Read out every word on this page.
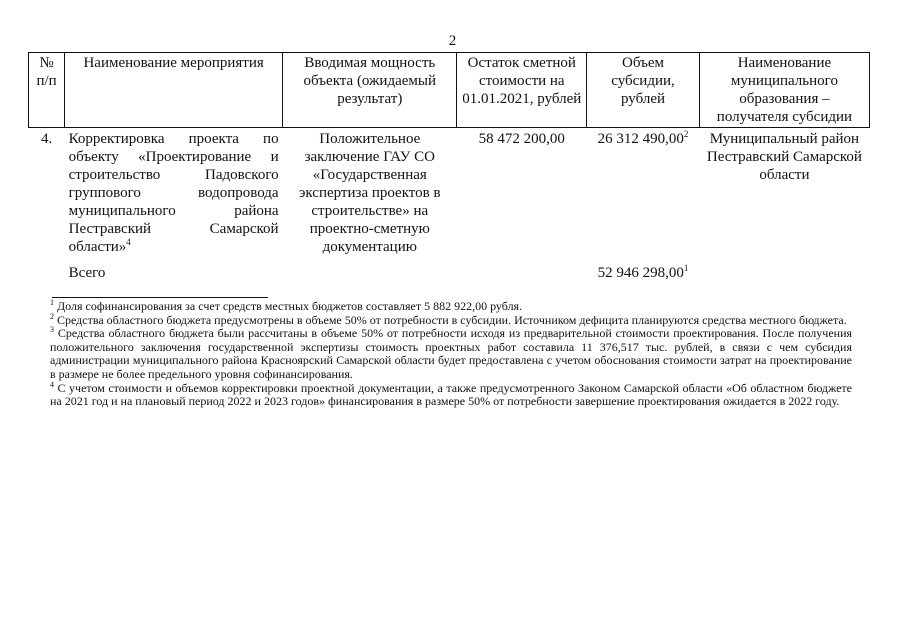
2
№ п/п	Наименование мероприятия	Вводимая мощность объекта (ожидаемый результат)	Остаток сметной стоимости на 01.01.2021, рублей	Объем субсидии, рублей	Наименование муниципального образования – получателя субсидии
4.	Корректировка проекта по объекту «Проектирование и строительство Падовского группового водопровода муниципального района Пестравский Самарской области»$^4$	Положительное заключение ГАУ СО «Государственная экспертиза проектов в строительстве» на проектно-сметную документацию	58 472 200,00	26 312 490,00$^2$	Муниципальный район Пестравский Самарской области
	Всего			52 946 298,00$^1$	

$^1$ Доля софинансирования за счет средств местных бюджетов составляет 5 882 922,00 рубля.

$^2$ Средства областного бюджета предусмотрены в объеме 50% от потребности в субсидии. Источником дефицита планируются средства местного бюджета.

$^3$ Средства областного бюджета были рассчитаны в объеме 50% от потребности исходя из предварительной стоимости проектирования. После получения положительного заключения государственной экспертизы стоимость проектных работ составила 11 376,517 тыс. рублей, в связи с чем субсидия администрации муниципального района Красноярский Самарской области будет предоставлена с учетом обоснования стоимости затрат на проектирование в размере не более предельного уровня софинансирования.

$^4$ С учетом стоимости и объемов корректировки проектной документации, а также предусмотренного Законом Самарской области «Об областном бюджете на 2021 год и на плановый период 2022 и 2023 годов» финансирования в размере 50% от потребности завершение проектирования ожидается в 2022 году.
